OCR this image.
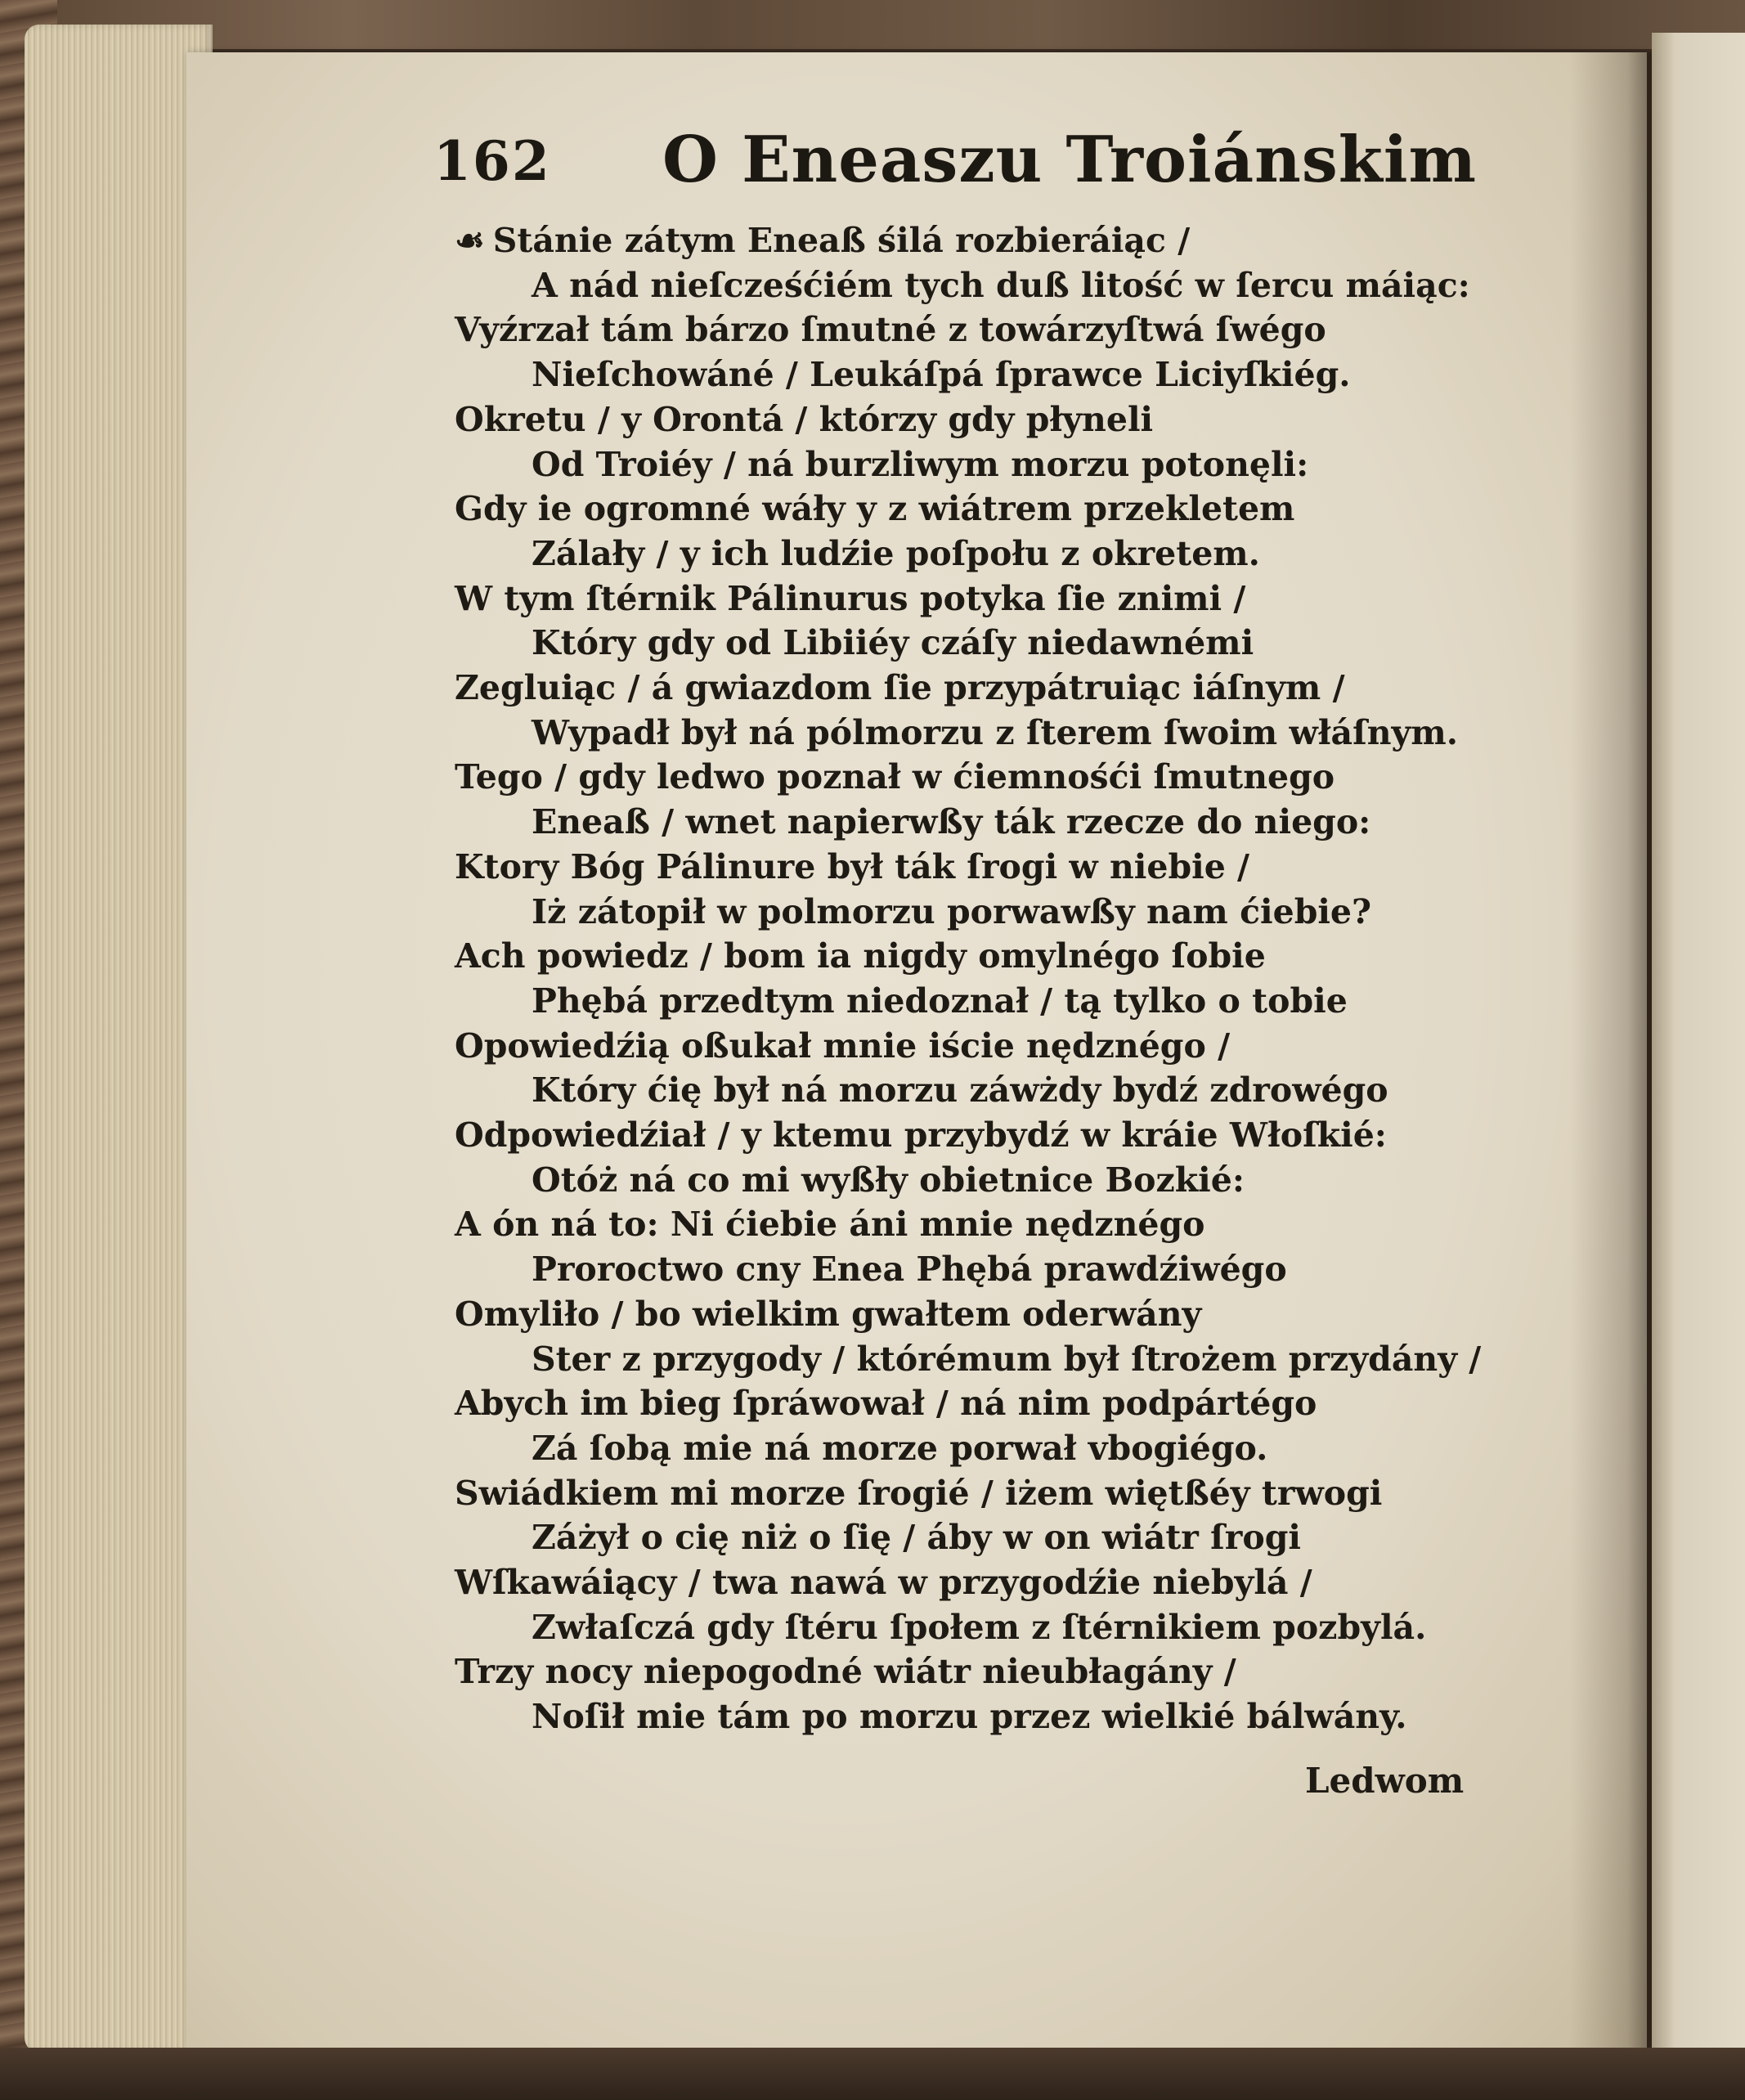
162 O Eneaszu Troiánskim
☙ Stánie zátym Eneaß śilá rozbieráiąc /
A nád nieſcześćiém tych duß litość w ſercu máiąc:
Vyźrzał tám bárzo ſmutné z towárzyſtwá ſwégo
Nieſchowáné / Leukáſpá ſprawce Liciyſkiég.
Okretu / y Orontá / którzy gdy płyneli
Od Troiéy / ná burzliwym morzu potonęli:
Gdy ie ogromné wáły y z wiátrem przekletem
Zálały / y ich ludźie poſpołu z okretem.
W tym ſtérnik Pálinurus potyka ſie znimi /
Który gdy od Libiiéy czáſy niedawnémi
Zegluiąc / á gwiazdom ſie przypátruiąc iáſnym /
Wypadł był ná pólmorzu z ſterem ſwoim włáſnym.
Tego / gdy ledwo poznał w ćiemnośći ſmutnego
Eneaß / wnet napierwßy ták rzecze do niego:
Ktory Bóg Pálinure był ták ſrogi w niebie /
Iż zátopił w polmorzu porwawßy nam ćiebie?
Ach powiedz / bom ia nigdy omylnégo ſobie
Phębá przedtym niedoznał / tą tylko o tobie
Opowiedźią oßukał mnie iście nędznégo /
Który ćię był ná morzu záwżdy bydź zdrowégo
Odpowiedźiał / y ktemu przybydź w kráie Włoſkié:
Otóż ná co mi wyßły obietnice Bozkié:
A ón ná to: Ni ćiebie áni mnie nędznégo
Proroctwo cny Enea Phębá prawdźiwégo
Omyliło / bo wielkim gwałtem oderwány
Ster z przygody / którémum był ſtrożem przydány /
Abych im bieg ſpráwował / ná nim podpártégo
Zá ſobą mie ná morze porwał vbogiégo.
Swiádkiem mi morze ſrogié / iżem więtßéy trwogi
Záżył o cię niż o ſię / áby w on wiátr ſrogi
Wſkawáiący / twa nawá w przygodźie niebylá /
Zwłaſczá gdy ſtéru ſpołem z ſtérnikiem pozbylá.
Trzy nocy niepogodné wiátr nieubłagány /
Noſił mie tám po morzu przez wielkié bálwány.
Ledwom
